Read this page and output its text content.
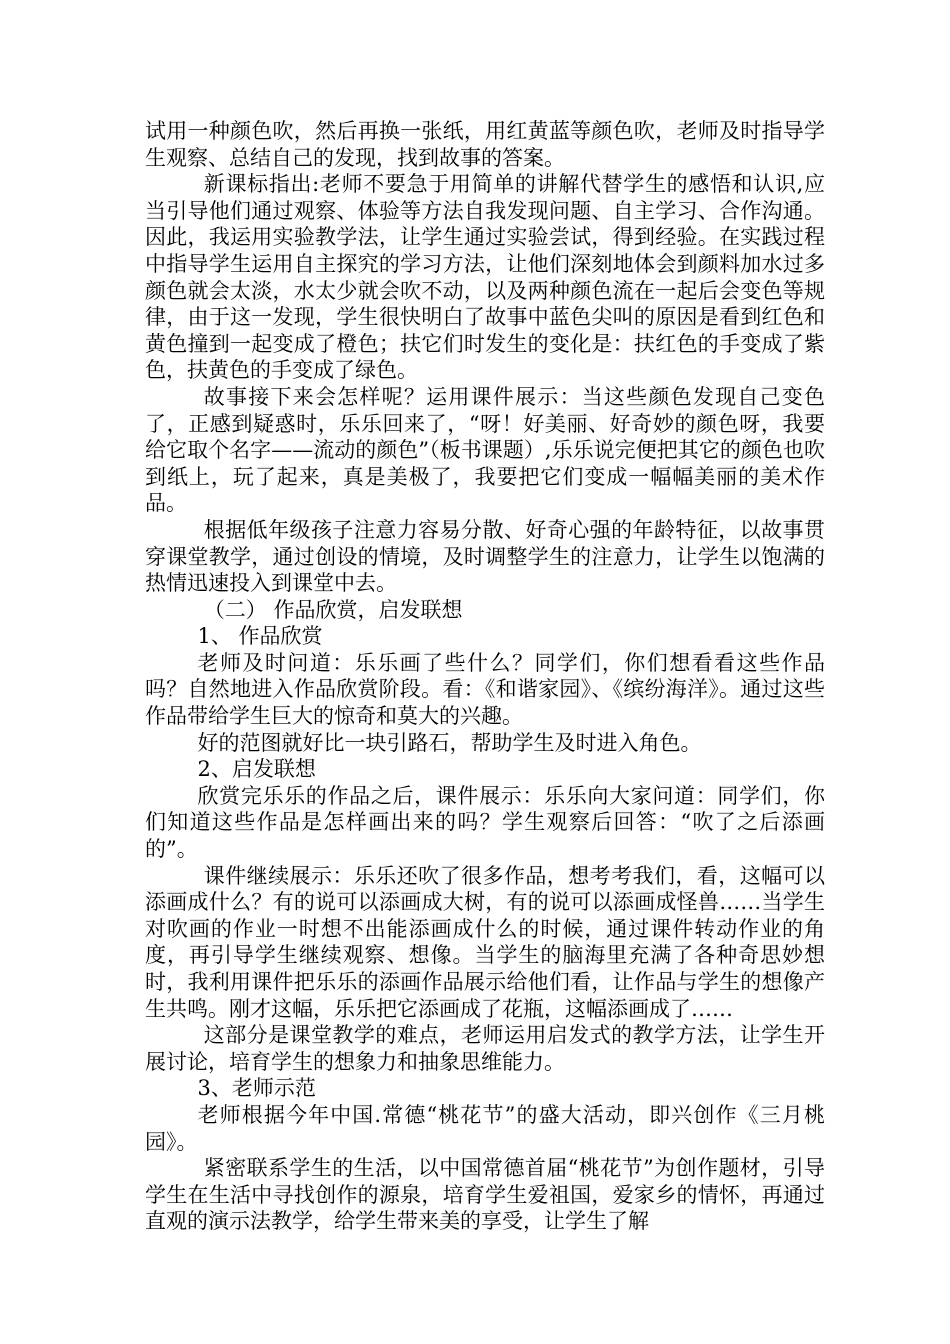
试用一种颜色吹，然后再换一张纸，用红黄蓝等颜色吹，老师及时指导学生观察、总结自己的发现，找到故事的答案。

新课标指出:老师不要急于用简单的讲解代替学生的感悟和认识,应当引导他们通过观察、体验等方法自我发现问题、自主学习、合作沟通。因此，我运用实验教学法，让学生通过实验尝试，得到经验。在实践过程中指导学生运用自主探究的学习方法，让他们深刻地体会到颜料加水过多颜色就会太淡，水太少就会吹不动，以及两种颜色流在一起后会变色等规律，由于这一发现，学生很快明白了故事中蓝色尖叫的原因是看到红色和黄色撞到一起变成了橙色；扶它们时发生的变化是：扶红色的手变成了紫色，扶黄色的手变成了绿色。

故事接下来会怎样呢？运用课件展示：当这些颜色发现自己变色了，正感到疑惑时，乐乐回来了，“呀！好美丽、好奇妙的颜色呀，我要给它取个名字——流动的颜色”（板书课题）,乐乐说完便把其它的颜色也吹到纸上，玩了起来，真是美极了，我要把它们变成一幅幅美丽的美术作品。

根据低年级孩子注意力容易分散、好奇心强的年龄特征，以故事贯穿课堂教学，通过创设的情境，及时调整学生的注意力，让学生以饱满的热情迅速投入到课堂中去。

（二） 作品欣赏，启发联想

1、 作品欣赏

老师及时问道：乐乐画了些什么？同学们，你们想看看这些作品吗？自然地进入作品欣赏阶段。看：《和谐家园》、《缤纷海洋》。通过这些作品带给学生巨大的惊奇和莫大的兴趣。

好的范图就好比一块引路石，帮助学生及时进入角色。

2、启发联想

欣赏完乐乐的作品之后，课件展示：乐乐向大家问道：同学们，你们知道这些作品是怎样画出来的吗？学生观察后回答：“吹了之后添画的”。

课件继续展示：乐乐还吹了很多作品，想考考我们，看，这幅可以添画成什么？有的说可以添画成大树，有的说可以添画成怪兽……当学生对吹画的作业一时想不出能添画成什么的时候，通过课件转动作业的角度，再引导学生继续观察、想像。当学生的脑海里充满了各种奇思妙想时，我利用课件把乐乐的添画作品展示给他们看，让作品与学生的想像产生共鸣。刚才这幅，乐乐把它添画成了花瓶，这幅添画成了……

这部分是课堂教学的难点，老师运用启发式的教学方法，让学生开展讨论，培育学生的想象力和抽象思维能力。

3、老师示范

老师根据今年中国.常德“桃花节”的盛大活动，即兴创作《三月桃园》。

紧密联系学生的生活，以中国常德首届“桃花节”为创作题材，引导学生在生活中寻找创作的源泉，培育学生爱祖国，爱家乡的情怀，再通过直观的演示法教学，给学生带来美的享受，让学生了解
